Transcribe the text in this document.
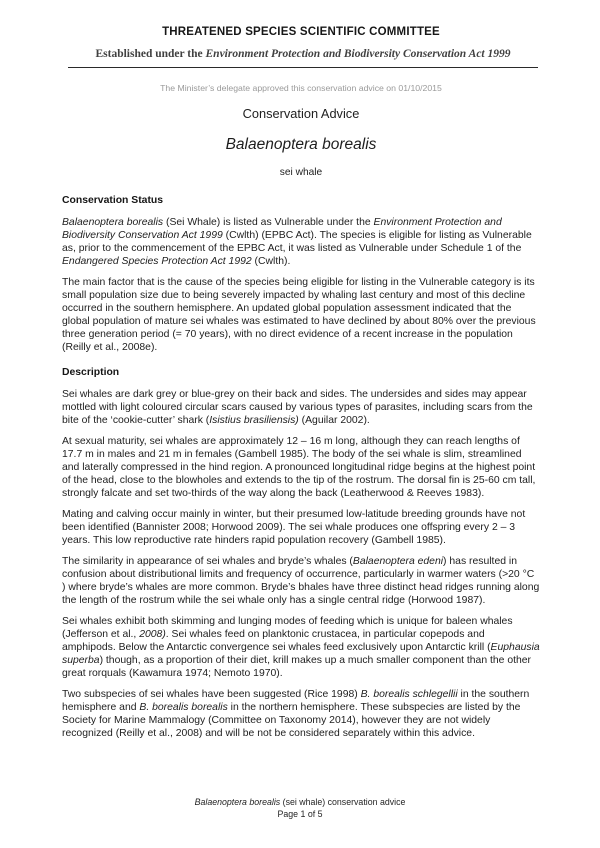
THREATENED SPECIES SCIENTIFIC COMMITTEE
Established under the Environment Protection and Biodiversity Conservation Act 1999
The Minister’s delegate approved this conservation advice on 01/10/2015
Conservation Advice
Balaenoptera borealis
sei whale
Conservation Status

Balaenoptera borealis (Sei Whale) is listed as Vulnerable under the Environment Protection and Biodiversity Conservation Act 1999 (Cwlth) (EPBC Act). The species is eligible for listing as Vulnerable as, prior to the commencement of the EPBC Act, it was listed as Vulnerable under Schedule 1 of the Endangered Species Protection Act 1992 (Cwlth).

The main factor that is the cause of the species being eligible for listing in the Vulnerable category is its small population size due to being severely impacted by whaling last century and most of this decline occurred in the southern hemisphere. An updated global population assessment indicated that the global population of mature sei whales was estimated to have declined by about 80% over the previous three generation period (= 70 years), with no direct evidence of a recent increase in the population (Reilly et al., 2008e).

Description

Sei whales are dark grey or blue-grey on their back and sides. The undersides and sides may appear mottled with light coloured circular scars caused by various types of parasites, including scars from the bite of the ‘cookie-cutter’ shark (Isistius brasiliensis) (Aguilar 2002).

At sexual maturity, sei whales are approximately 12 – 16 m long, although they can reach lengths of 17.7 m in males and 21 m in females (Gambell 1985). The body of the sei whale is slim, streamlined and laterally compressed in the hind region. A pronounced longitudinal ridge begins at the highest point of the head, close to the blowholes and extends to the tip of the rostrum. The dorsal fin is 25-60 cm tall, strongly falcate and set two-thirds of the way along the back (Leatherwood & Reeves 1983).

Mating and calving occur mainly in winter, but their presumed low-latitude breeding grounds have not been identified (Bannister 2008; Horwood 2009). The sei whale produces one offspring every 2 – 3 years. This low reproductive rate hinders rapid population recovery (Gambell 1985).

The similarity in appearance of sei whales and bryde’s whales (Balaenoptera edeni) has resulted in confusion about distributional limits and frequency of occurrence, particularly in warmer waters (>20 °C ) where bryde’s whales are more common. Bryde’s bhales have three distinct head ridges running along the length of the rostrum while the sei whale only has a single central ridge (Horwood 1987).

Sei whales exhibit both skimming and lunging modes of feeding which is unique for baleen whales (Jefferson et al., 2008). Sei whales feed on planktonic crustacea, in particular copepods and amphipods. Below the Antarctic convergence sei whales feed exclusively upon Antarctic krill (Euphausia superba) though, as a proportion of their diet, krill makes up a much smaller component than the other great rorquals (Kawamura 1974; Nemoto 1970).

Two subspecies of sei whales have been suggested (Rice 1998) B. borealis schlegellii in the southern hemisphere and B. borealis borealis in the northern hemisphere. These subspecies are listed by the Society for Marine Mammalogy (Committee on Taxonomy 2014), however they are not widely recognized (Reilly et al., 2008) and will be not be considered separately within this advice.

Balaenoptera borealis (sei whale) conservation advice
Page 1 of 5
